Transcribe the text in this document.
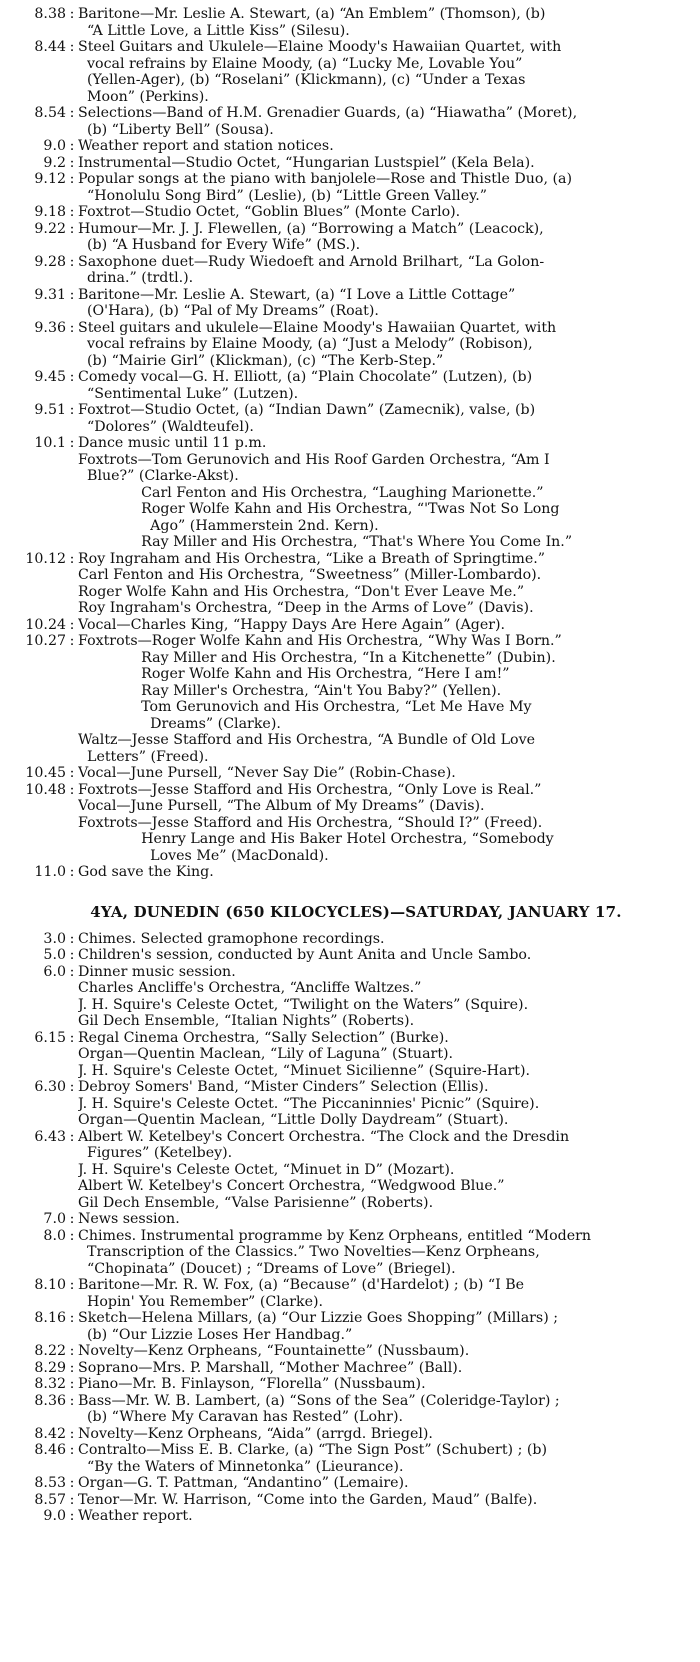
8.38 : Baritone—Mr. Leslie A. Stewart, (a) “An Emblem” (Thomson), (b)
“A Little Love, a Little Kiss” (Silesu).
8.44 : Steel Guitars and Ukulele—Elaine Moody's Hawaiian Quartet, with
vocal refrains by Elaine Moody, (a) “Lucky Me, Lovable You”
(Yellen-Ager), (b) “Roselani” (Klickmann), (c) “Under a Texas
Moon” (Perkins).
8.54 : Selections—Band of H.M. Grenadier Guards, (a) “Hiawatha” (Moret),
(b) “Liberty Bell” (Sousa).
9.0 : Weather report and station notices.
9.2 : Instrumental—Studio Octet, “Hungarian Lustspiel” (Kela Bela).
9.12 : Popular songs at the piano with banjolele—Rose and Thistle Duo, (a)
“Honolulu Song Bird” (Leslie), (b) “Little Green Valley.”
9.18 : Foxtrot—Studio Octet, “Goblin Blues” (Monte Carlo).
9.22 : Humour—Mr. J. J. Flewellen, (a) “Borrowing a Match” (Leacock),
(b) “A Husband for Every Wife” (MS.).
9.28 : Saxophone duet—Rudy Wiedoeft and Arnold Brilhart, “La Golon-
drina.” (trdtl.).
9.31 : Baritone—Mr. Leslie A. Stewart, (a) “I Love a Little Cottage”
(O'Hara), (b) “Pal of My Dreams” (Roat).
9.36 : Steel guitars and ukulele—Elaine Moody's Hawaiian Quartet, with
vocal refrains by Elaine Moody, (a) “Just a Melody” (Robison),
(b) “Mairie Girl” (Klickman), (c) “The Kerb-Step.”
9.45 : Comedy vocal—G. H. Elliott, (a) “Plain Chocolate” (Lutzen), (b)
“Sentimental Luke” (Lutzen).
9.51 : Foxtrot—Studio Octet, (a) “Indian Dawn” (Zamecnik), valse, (b)
“Dolores” (Waldteufel).
10.1 : Dance music until 11 p.m.
Foxtrots—Tom Gerunovich and His Roof Garden Orchestra, “Am I
Blue?” (Clarke-Akst).
Carl Fenton and His Orchestra, “Laughing Marionette.”
Roger Wolfe Kahn and His Orchestra, “'Twas Not So Long
Ago” (Hammerstein 2nd. Kern).
Ray Miller and His Orchestra, “That's Where You Come In.”
10.12 : Roy Ingraham and His Orchestra, “Like a Breath of Springtime.”
Carl Fenton and His Orchestra, “Sweetness” (Miller-Lombardo).
Roger Wolfe Kahn and His Orchestra, “Don't Ever Leave Me.”
Roy Ingraham's Orchestra, “Deep in the Arms of Love” (Davis).
10.24 : Vocal—Charles King, “Happy Days Are Here Again” (Ager).
10.27 : Foxtrots—Roger Wolfe Kahn and His Orchestra, “Why Was I Born.”
Ray Miller and His Orchestra, “In a Kitchenette” (Dubin).
Roger Wolfe Kahn and His Orchestra, “Here I am!”
Ray Miller's Orchestra, “Ain't You Baby?” (Yellen).
Tom Gerunovich and His Orchestra, “Let Me Have My
Dreams” (Clarke).
Waltz—Jesse Stafford and His Orchestra, “A Bundle of Old Love
Letters” (Freed).
10.45 : Vocal—June Pursell, “Never Say Die” (Robin-Chase).
10.48 : Foxtrots—Jesse Stafford and His Orchestra, “Only Love is Real.”
Vocal—June Pursell, “The Album of My Dreams” (Davis).
Foxtrots—Jesse Stafford and His Orchestra, “Should I?” (Freed).
Henry Lange and His Baker Hotel Orchestra, “Somebody
Loves Me” (MacDonald).
11.0 : God save the King.
4YA, DUNEDIN (650 KILOCYCLES)—SATURDAY, JANUARY 17.
3.0 : Chimes. Selected gramophone recordings.
5.0 : Children's session, conducted by Aunt Anita and Uncle Sambo.
6.0 : Dinner music session.
Charles Ancliffe's Orchestra, “Ancliffe Waltzes.”
J. H. Squire's Celeste Octet, “Twilight on the Waters” (Squire).
Gil Dech Ensemble, “Italian Nights” (Roberts).
6.15 : Regal Cinema Orchestra, “Sally Selection” (Burke).
Organ—Quentin Maclean, “Lily of Laguna” (Stuart).
J. H. Squire's Celeste Octet, “Minuet Sicilienne” (Squire-Hart).
6.30 : Debroy Somers' Band, “Mister Cinders” Selection (Ellis).
J. H. Squire's Celeste Octet. “The Piccaninnies' Picnic” (Squire).
Organ—Quentin Maclean, “Little Dolly Daydream” (Stuart).
6.43 : Albert W. Ketelbey's Concert Orchestra. “The Clock and the Dresdin
Figures” (Ketelbey).
J. H. Squire's Celeste Octet, “Minuet in D” (Mozart).
Albert W. Ketelbey's Concert Orchestra, “Wedgwood Blue.”
Gil Dech Ensemble, “Valse Parisienne” (Roberts).
7.0 : News session.
8.0 : Chimes. Instrumental programme by Kenz Orpheans, entitled “Modern
Transcription of the Classics.” Two Novelties—Kenz Orpheans,
“Chopinata” (Doucet) ; “Dreams of Love” (Briegel).
8.10 : Baritone—Mr. R. W. Fox, (a) “Because” (d'Hardelot) ; (b) “I Be
Hopin' You Remember” (Clarke).
8.16 : Sketch—Helena Millars, (a) “Our Lizzie Goes Shopping” (Millars) ;
(b) “Our Lizzie Loses Her Handbag.”
8.22 : Novelty—Kenz Orpheans, “Fountainette” (Nussbaum).
8.29 : Soprano—Mrs. P. Marshall, “Mother Machree” (Ball).
8.32 : Piano—Mr. B. Finlayson, “Florella” (Nussbaum).
8.36 : Bass—Mr. W. B. Lambert, (a) “Sons of the Sea” (Coleridge-Taylor) ;
(b) “Where My Caravan has Rested” (Lohr).
8.42 : Novelty—Kenz Orpheans, “Aida” (arrgd. Briegel).
8.46 : Contralto—Miss E. B. Clarke, (a) “The Sign Post” (Schubert) ; (b)
“By the Waters of Minnetonka” (Lieurance).
8.53 : Organ—G. T. Pattman, “Andantino” (Lemaire).
8.57 : Tenor—Mr. W. Harrison, “Come into the Garden, Maud” (Balfe).
9.0 : Weather report.
